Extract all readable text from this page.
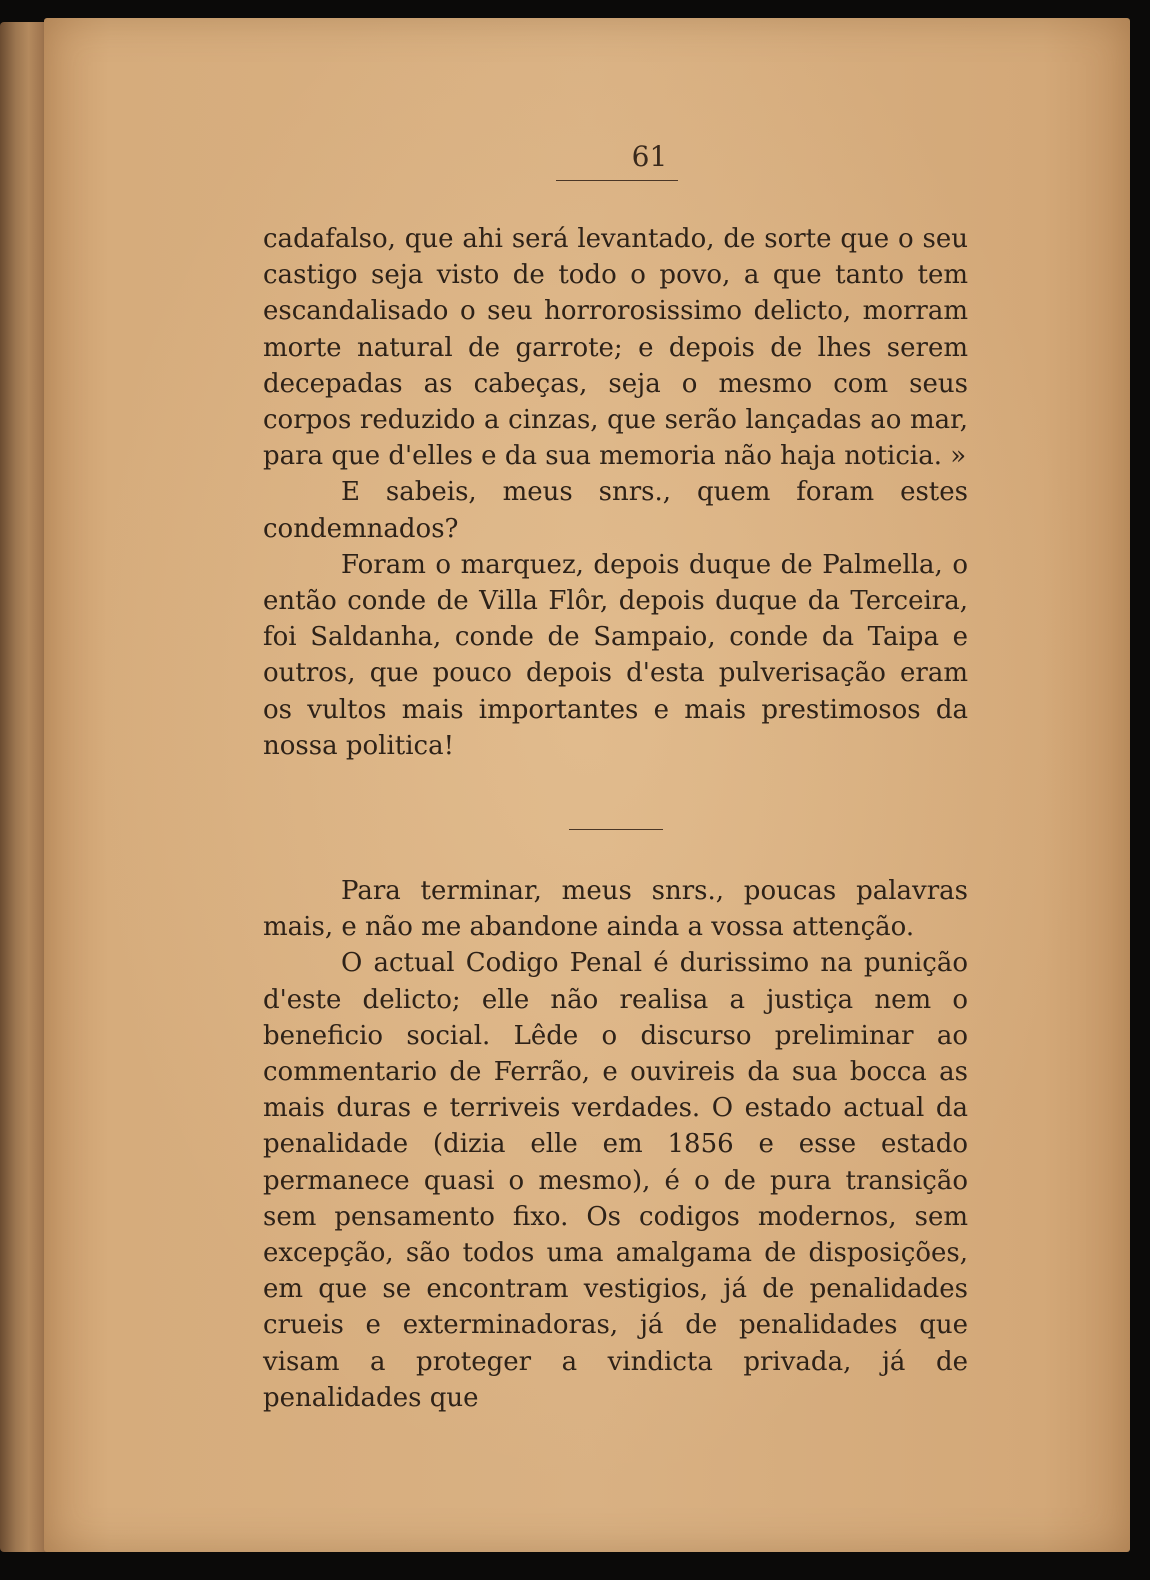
61

cadafalso, que ahi será levantado, de sorte que o seu castigo seja visto de todo o povo, a que tanto tem escandalisado o seu horrorosissimo delicto, morram morte natural de garrote; e depois de lhes serem decepadas as cabeças, seja o mesmo com seus corpos reduzido a cinzas, que serão lançadas ao mar, para que d'elles e da sua memoria não haja noticia. »

E sabeis, meus snrs., quem foram estes condemnados?

Foram o marquez, depois duque de Palmella, o então conde de Villa Flôr, depois duque da Terceira, foi Saldanha, conde de Sampaio, conde da Taipa e outros, que pouco depois d'esta pulverisação eram os vultos mais importantes e mais prestimosos da nossa politica!

Para terminar, meus snrs., poucas palavras mais, e não me abandone ainda a vossa attenção.

O actual Codigo Penal é durissimo na punição d'este delicto; elle não realisa a justiça nem o beneficio social. Lêde o discurso preliminar ao commentario de Ferrão, e ouvireis da sua bocca as mais duras e terriveis verdades. O estado actual da penalidade (dizia elle em 1856 e esse estado permanece quasi o mesmo), é o de pura transição sem pensamento fixo. Os codigos modernos, sem excepção, são todos uma amalgama de disposições, em que se encontram vestigios, já de penalidades crueis e exterminadoras, já de penalidades que visam a proteger a vindicta privada, já de penalidades que
